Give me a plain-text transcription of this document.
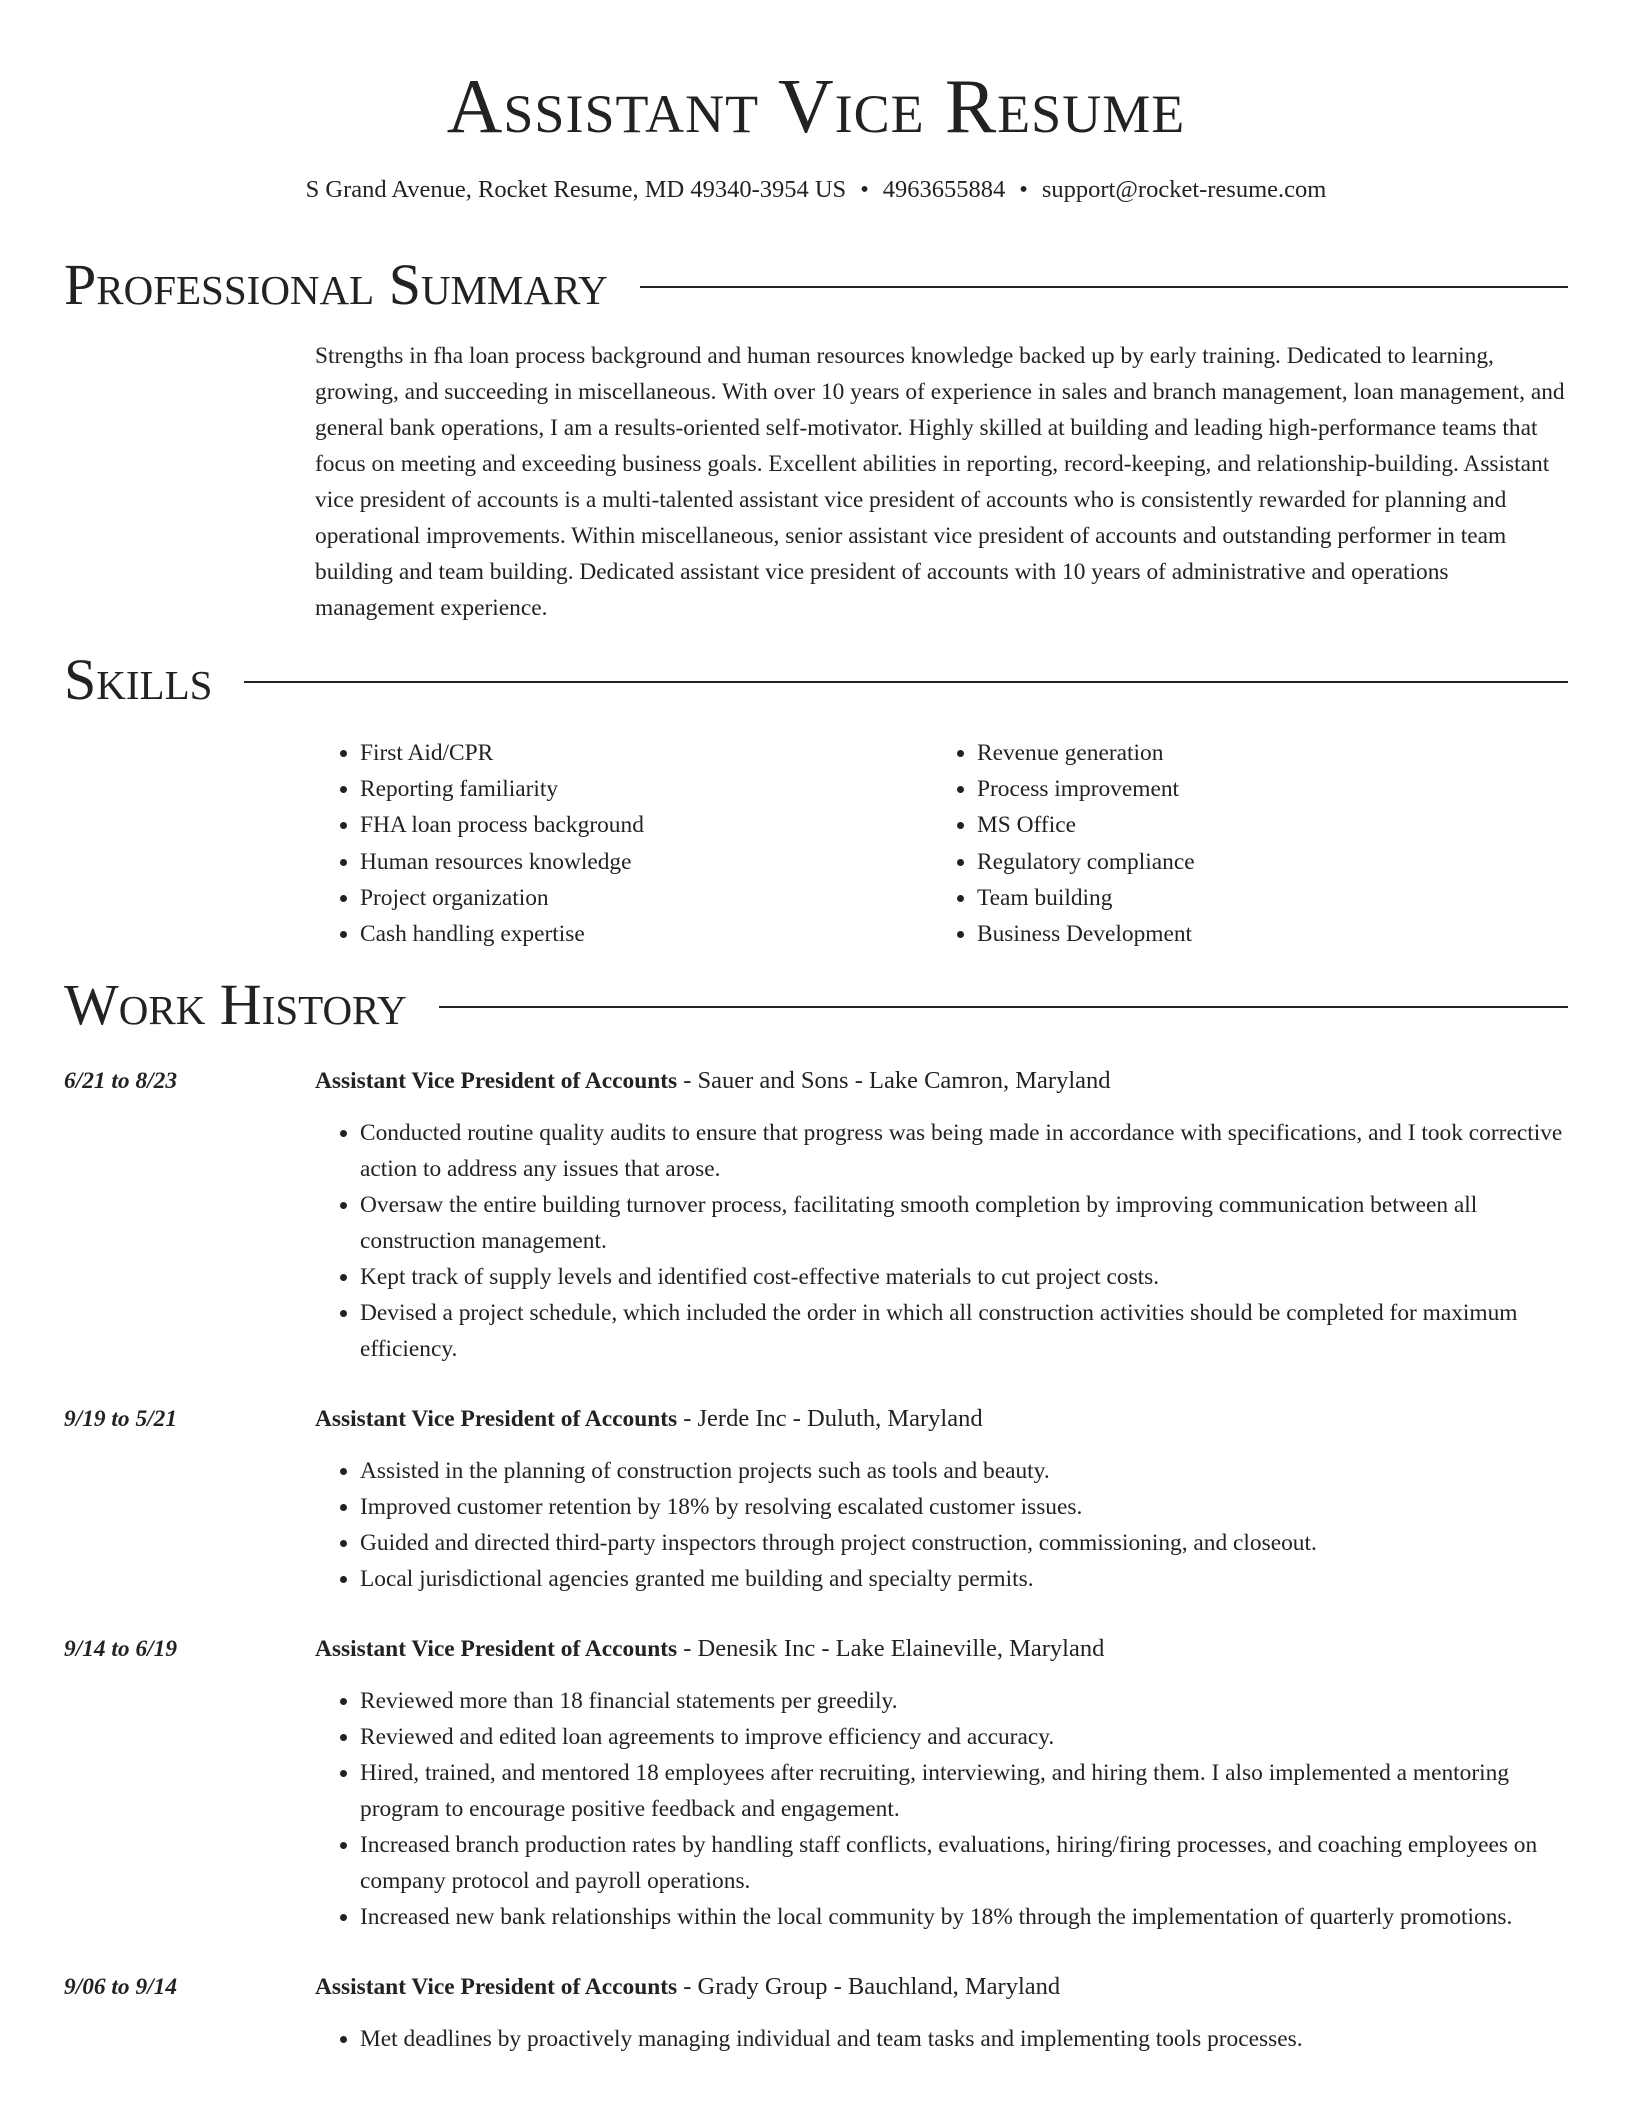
Assistant Vice Resume
S Grand Avenue, Rocket Resume, MD 49340-3954 US • 4963655884 • support@rocket-resume.com
Professional Summary

Strengths in fha loan process background and human resources knowledge backed up by early training. Dedicated to learning, growing, and succeeding in miscellaneous. With over 10 years of experience in sales and branch management, loan management, and general bank operations, I am a results-oriented self-motivator. Highly skilled at building and leading high-performance teams that focus on meeting and exceeding business goals. Excellent abilities in reporting, record-keeping, and relationship-building. Assistant vice president of accounts is a multi-talented assistant vice president of accounts who is consistently rewarded for planning and operational improvements. Within miscellaneous, senior assistant vice president of accounts and outstanding performer in team building and team building. Dedicated assistant vice president of accounts with 10 years of administrative and operations management experience.

Skills
• First Aid/CPR
• Reporting familiarity
• FHA loan process background
• Human resources knowledge
• Project organization
• Cash handling expertise
• Revenue generation
• Process improvement
• MS Office
• Regulatory compliance
• Team building
• Business Development
Work History
6/21 to 8/23	Assistant Vice President of Accounts - Sauer and Sons - Lake Camron, Maryland
• Conducted routine quality audits to ensure that progress was being made in accordance with specifications, and I took corrective action to address any issues that arose.
• Oversaw the entire building turnover process, facilitating smooth completion by improving communication between all construction management.
• Kept track of supply levels and identified cost-effective materials to cut project costs.
• Devised a project schedule, which included the order in which all construction activities should be completed for maximum efficiency.
9/19 to 5/21	Assistant Vice President of Accounts - Jerde Inc - Duluth, Maryland
• Assisted in the planning of construction projects such as tools and beauty.
• Improved customer retention by 18% by resolving escalated customer issues.
• Guided and directed third-party inspectors through project construction, commissioning, and closeout.
• Local jurisdictional agencies granted me building and specialty permits.
9/14 to 6/19	Assistant Vice President of Accounts - Denesik Inc - Lake Elaineville, Maryland
• Reviewed more than 18 financial statements per greedily.
• Reviewed and edited loan agreements to improve efficiency and accuracy.
• Hired, trained, and mentored 18 employees after recruiting, interviewing, and hiring them. I also implemented a mentoring program to encourage positive feedback and engagement.
• Increased branch production rates by handling staff conflicts, evaluations, hiring/firing processes, and coaching employees on company protocol and payroll operations.
• Increased new bank relationships within the local community by 18% through the implementation of quarterly promotions.
9/06 to 9/14	Assistant Vice President of Accounts - Grady Group - Bauchland, Maryland
• Met deadlines by proactively managing individual and team tasks and implementing tools processes.
